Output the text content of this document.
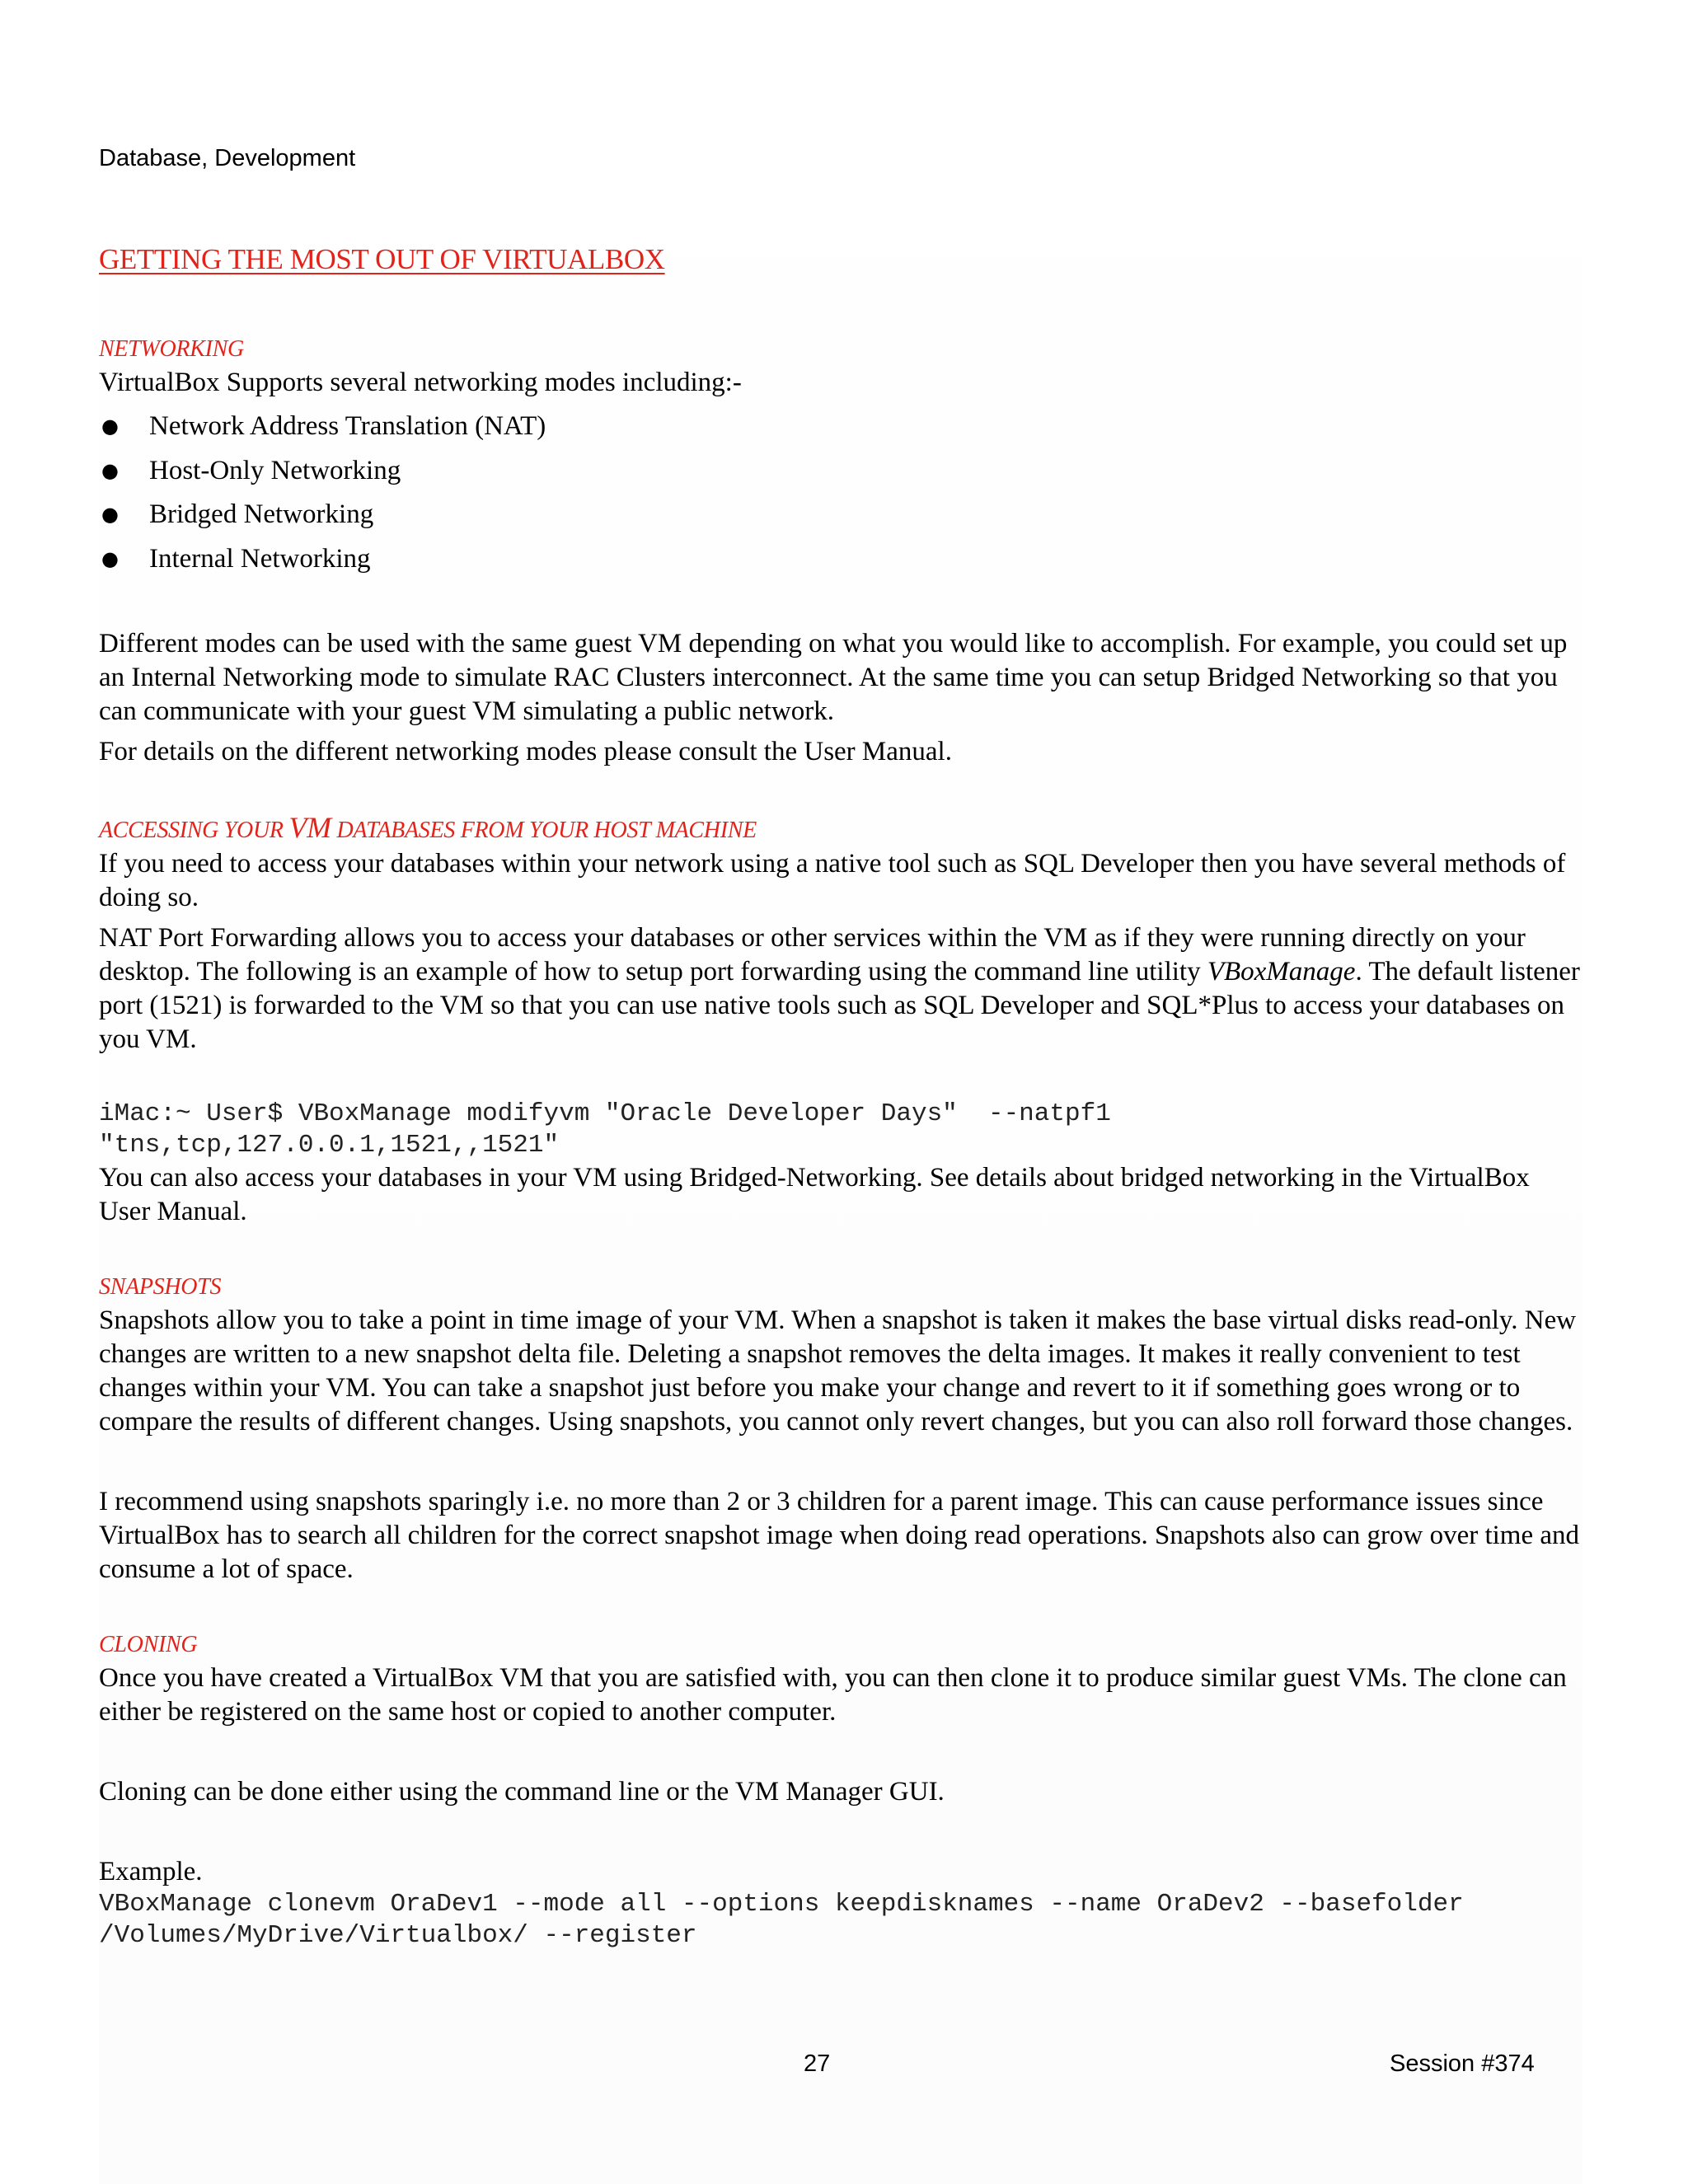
Database, Development
GETTING THE MOST OUT OF VIRTUALBOX
NETWORKING

VirtualBox Supports several networking modes including:-

● Network Address Translation (NAT)
● Host-Only Networking
● Bridged Networking
● Internal Networking

Different modes can be used with the same guest VM depending on what you would like to accomplish. For example, you could set up an Internal Networking mode to simulate RAC Clusters interconnect. At the same time you can setup Bridged Networking so that you can communicate with your guest VM simulating a public network.

For details on the different networking modes please consult the User Manual.

ACCESSING YOUR VM DATABASES FROM YOUR HOST MACHINE

If you need to access your databases within your network using a native tool such as SQL Developer then you have several methods of doing so.

NAT Port Forwarding allows you to access your databases or other services within the VM as if they were running directly on your desktop. The following is an example of how to setup port forwarding using the command line utility VBoxManage. The default listener port (1521) is forwarded to the VM so that you can use native tools such as SQL Developer and SQL*Plus to access your databases on you VM.

iMac:~ User$ VBoxManage modifyvm "Oracle Developer Days"  --natpf1 "tns,tcp,127.0.0.1,1521,,1521"

You can also access your databases in your VM using Bridged-Networking. See details about bridged networking in the VirtualBox User Manual.

SNAPSHOTS

Snapshots allow you to take a point in time image of your VM. When a snapshot is taken it makes the base virtual disks read-only. New changes are written to a new snapshot delta file. Deleting a snapshot removes the delta images. It makes it really convenient to test changes within your VM. You can take a snapshot just before you make your change and revert to it if something goes wrong or to compare the results of different changes. Using snapshots, you cannot only revert changes, but you can also roll forward those changes.

I recommend using snapshots sparingly i.e. no more than 2 or 3 children for a parent image. This can cause performance issues since VirtualBox has to search all children for the correct snapshot image when doing read operations. Snapshots also can grow over time and consume a lot of space.

CLONING

Once you have created a VirtualBox VM that you are satisfied with, you can then clone it to produce similar guest VMs. The clone can either be registered on the same host or copied to another computer.

Cloning can be done either using the command line or the VM Manager GUI.

Example.

VBoxManage clonevm OraDev1 --mode all --options keepdisknames --name OraDev2 --basefolder /Volumes/MyDrive/Virtualbox/ --register
27	Session #374
